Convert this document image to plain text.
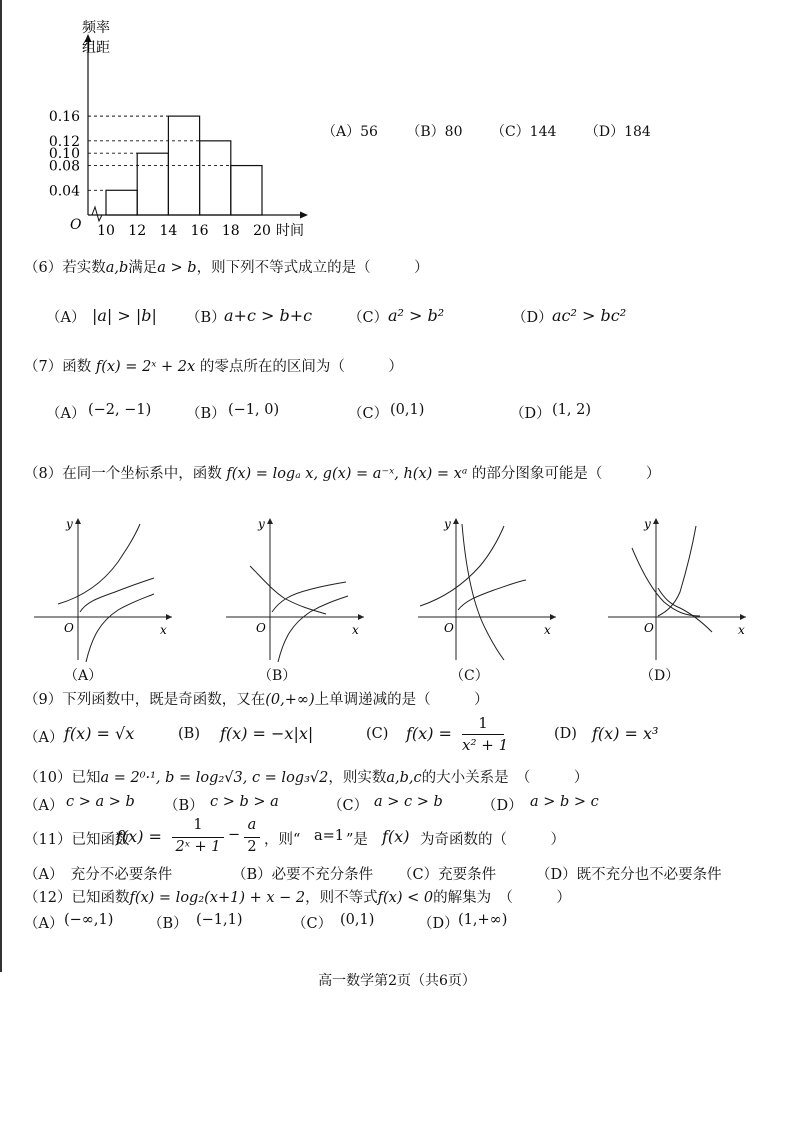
频率
组距
O	时间
0.04
0.08
0.10
0.12
0.16
10 12 14 16 18 20
（A）56 （B）80 （C）144 （D）184
（6）若实数a,b满足a > b，则下列不等式成立的是（　　　）
（A） |a| > |b| （B）
a+c > b+c （C） a² > b²	（D） ac² > bc²
（7）函数 f(x) = 2ˣ + 2x 的零点所在的区间为（　　　）
（A） (−2, −1) （B） (−1, 0)	（C） (0,1)	（D） (1, 2)
（8）在同一个坐标系中，函数 f(x) = logₐ x, g(x) = a⁻ˣ, h(x) = xᵃ 的部分图象可能是（　　　）
y
x
O
（A）
y
x
O
（B）
y
x
O
（C）
y
x
O
（D）
（9）下列函数中，既是奇函数，又在(0,+∞)上单调递减的是（　　　）
（A） f(x) = √x	(B) f(x) = −x|x|	(C) f(x) =
1
x² + 1
(D) f(x) = x³
（10）已知a = 2⁰·¹, b = log₂√3, c = log₃√2，则实数a,b,c的大小关系是　（　　　）
（A） c > a > b （B） c > b > a	（C） a > c > b	（D） a > b > c
（11）已知函数
f(x) =
1
2ˣ + 1
−
a
2 ，则“ a=1 ”是 f(x) 为奇函数的（　　　）
（A）　充分不必要条件	（B）必要不充分条件 （C）充要条件	（D）既不充分也不必要条件
（12）已知函数f(x) = log₂(x+1) + x − 2，则不等式f(x) < 0的解集为　（　　　）
（A） (−∞,1) （B） (−1,1)	（C） (0,1)	（D） (1,+∞)
高一数学第2页（共6页）
